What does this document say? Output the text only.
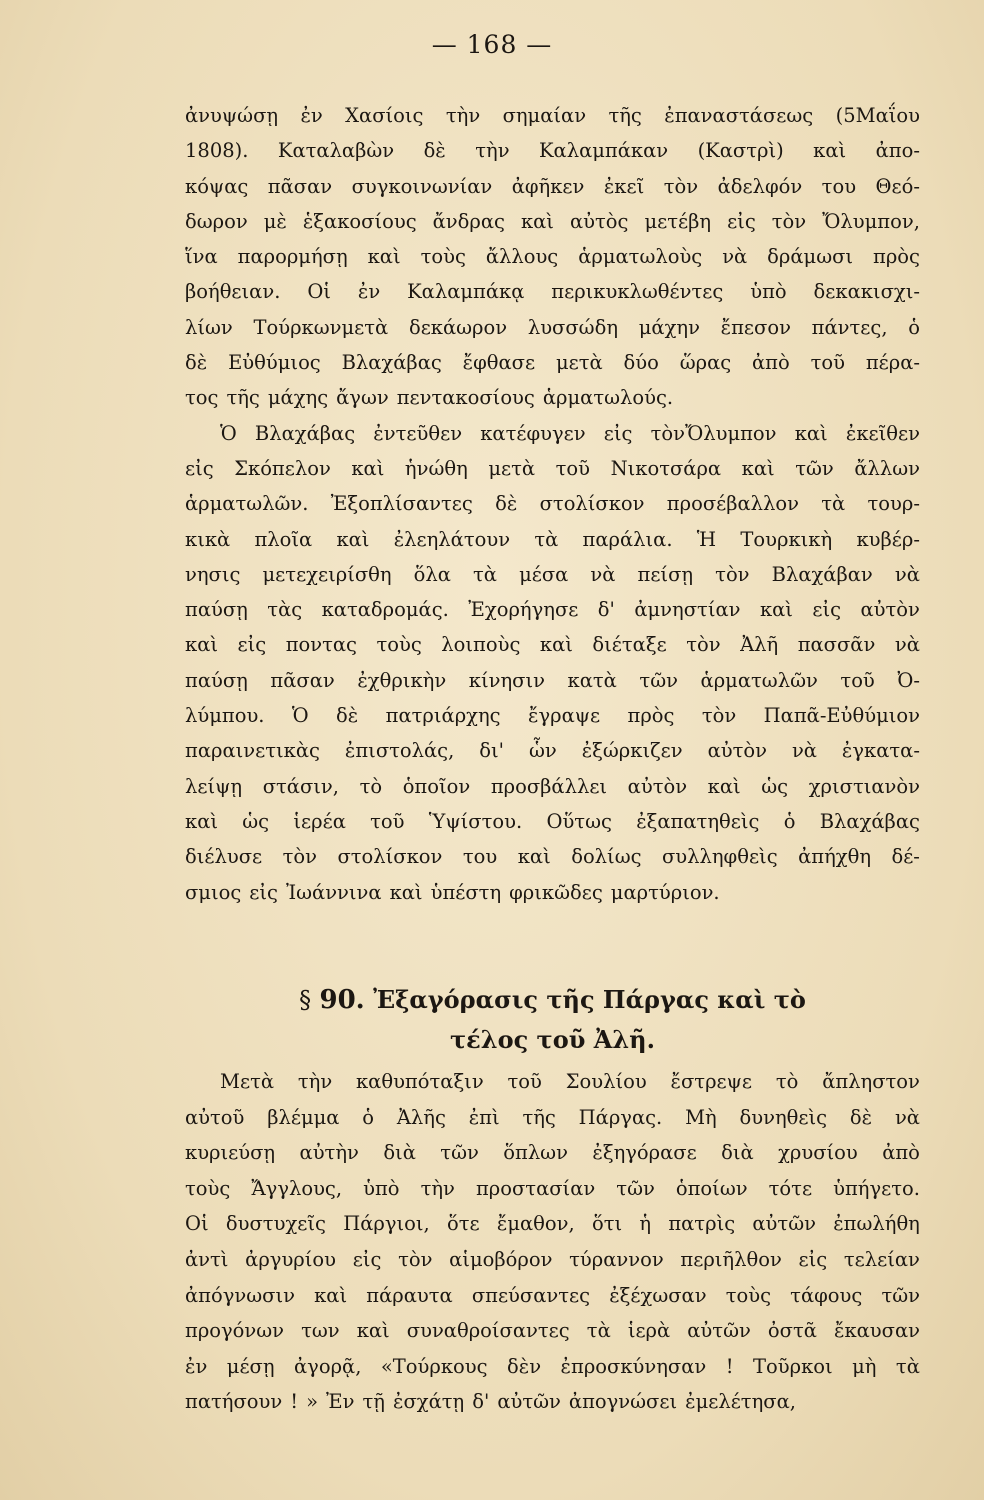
— 168 —
ἀνυψώσῃ ἐν Χασίοις τὴν σημαίαν τῆς ἐπαναστάσεως (5Μαΐου
1808). Καταλαβὼν δὲ τὴν Καλαμπάκαν (Καστρὶ) καὶ ἀπο-
κόψας πᾶσαν συγκοινωνίαν ἀφῆκεν ἐκεῖ τὸν ἀδελφόν του Θεό-
δωρον μὲ ἑξακοσίους ἄνδρας καὶ αὐτὸς μετέβη εἰς τὸν Ὄλυμπον,
ἵνα παρορμήσῃ καὶ τοὺς ἄλλους ἁρματωλοὺς νὰ δράμωσι πρὸς
βοήθειαν. Οἱ ἐν Καλαμπάκᾳ περικυκλωθέντες ὑπὸ δεκακισχι-
λίων Τούρκωνμετὰ δεκάωρον λυσσώδη μάχην ἔπεσον πάντες, ὁ
δὲ Εὐθύμιος Βλαχάβας ἔφθασε μετὰ δύο ὥρας ἀπὸ τοῦ πέρα-
τος τῆς μάχης ἄγων πεντακοσίους ἁρματωλούς.
Ὁ Βλαχάβας ἐντεῦθεν κατέφυγεν εἰς τὸνὌλυμπον καὶ ἐκεῖθεν
εἰς Σκόπελον καὶ ἡνώθη μετὰ τοῦ Νικοτσάρα καὶ τῶν ἄλλων
ἁρματωλῶν. Ἐξοπλίσαντες δὲ στολίσκον προσέβαλλον τὰ τουρ-
κικὰ πλοῖα καὶ ἐλεηλάτουν τὰ παράλια. Ἡ Τουρκικὴ κυβέρ-
νησις μετεχειρίσθη ὅλα τὰ μέσα νὰ πείσῃ τὸν Βλαχάβαν νὰ
παύσῃ τὰς καταδρομάς. Ἐχορήγησε δ' ἀμνηστίαν καὶ εἰς αὐτὸν
καὶ εἰς ποντας τοὺς λοιποὺς καὶ διέταξε τὸν Ἀλῆ πασσᾶν νὰ
παύσῃ πᾶσαν ἐχθρικὴν κίνησιν κατὰ τῶν ἁρματωλῶν τοῦ Ὀ-
λύμπου. Ὁ δὲ πατριάρχης ἔγραψε πρὸς τὸν Παπᾶ-Εὐθύμιον
παραινετικὰς ἐπιστολάς, δι' ὧν ἐξώρκιζεν αὐτὸν νὰ ἐγκατα-
λείψῃ στάσιν, τὸ ὁποῖον προσβάλλει αὐτὸν καὶ ὡς χριστιανὸν
καὶ ὡς ἱερέα τοῦ Ὑψίστου. Οὕτως ἐξαπατηθεὶς ὁ Βλαχάβας
διέλυσε τὸν στολίσκον του καὶ δολίως συλληφθεὶς ἀπήχθη δέ-
σμιος εἰς Ἰωάννινα καὶ ὑπέστη φρικῶδες μαρτύριον.
§ 90. Ἐξαγόρασις τῆς Πάργας καὶ τὸ
τέλος τοῦ Ἀλῆ.
Μετὰ τὴν καθυπόταξιν τοῦ Σουλίου ἔστρεψε τὸ ἄπληστον
αὐτοῦ βλέμμα ὁ Ἀλῆς ἐπὶ τῆς Πάργας. Μὴ δυνηθεὶς δὲ νὰ
κυριεύσῃ αὐτὴν διὰ τῶν ὅπλων ἐξηγόρασε διὰ χρυσίου ἀπὸ
τοὺς Ἄγγλους, ὑπὸ τὴν προστασίαν τῶν ὁποίων τότε ὑπήγετο.
Οἱ δυστυχεῖς Πάργιοι, ὅτε ἔμαθον, ὅτι ἡ πατρὶς αὐτῶν ἐπωλήθη
ἀντὶ ἀργυρίου εἰς τὸν αἱμοβόρον τύραννον περιῆλθον εἰς τελείαν
ἀπόγνωσιν καὶ πάραυτα σπεύσαντες ἐξέχωσαν τοὺς τάφους τῶν
προγόνων των καὶ συναθροίσαντες τὰ ἱερὰ αὐτῶν ὀστᾶ ἔκαυσαν
ἐν μέσῃ ἀγορᾷ, «Τούρκους δὲν ἐπροσκύνησαν ! Τοῦρκοι μὴ τὰ
πατήσουν ! » Ἐν τῇ ἐσχάτῃ δ' αὐτῶν ἀπογνώσει ἐμελέτησα,
